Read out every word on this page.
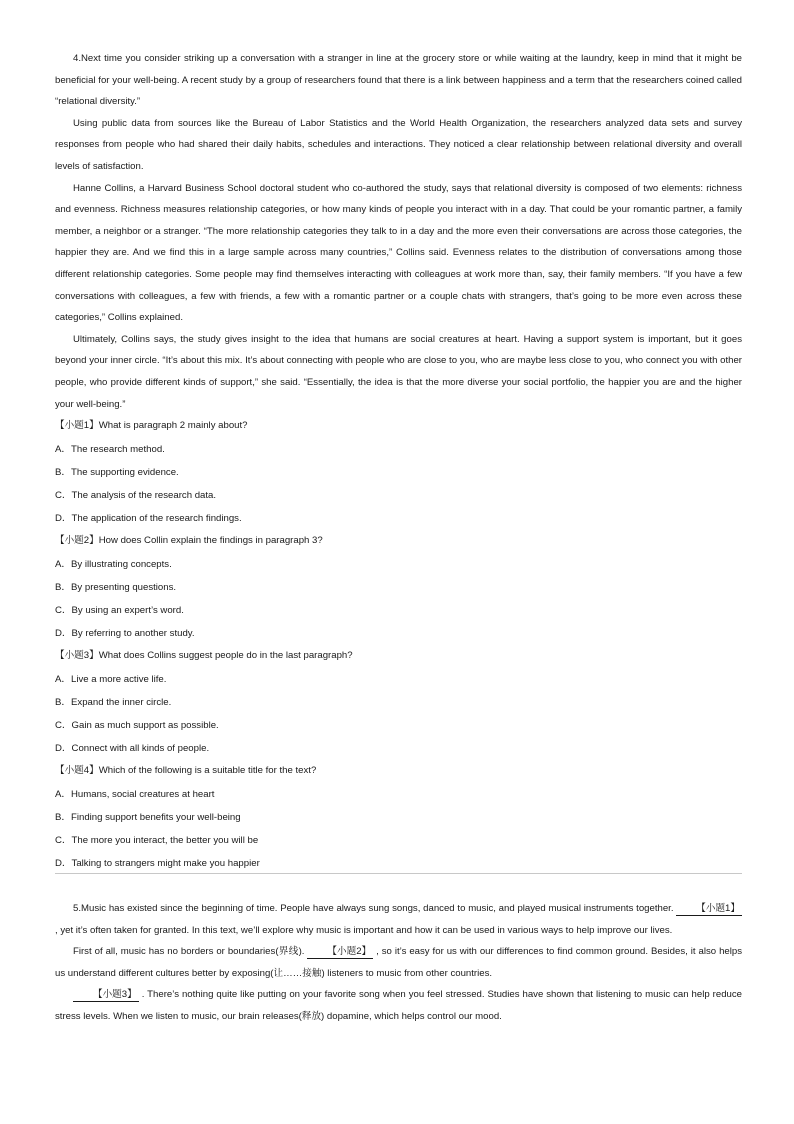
4.Next time you consider striking up a conversation with a stranger in line at the grocery store or while waiting at the laundry, keep in mind that it might be beneficial for your well-being. A recent study by a group of researchers found that there is a link between happiness and a term that the researchers coined called “relational diversity.”

Using public data from sources like the Bureau of Labor Statistics and the World Health Organization, the researchers analyzed data sets and survey responses from people who had shared their daily habits, schedules and interactions. They noticed a clear relationship between relational diversity and overall levels of satisfaction.

Hanne Collins, a Harvard Business School doctoral student who co-authored the study, says that relational diversity is composed of two elements: richness and evenness. Richness measures relationship categories, or how many kinds of people you interact with in a day. That could be your romantic partner, a family member, a neighbor or a stranger. “The more relationship categories they talk to in a day and the more even their conversations are across those categories, the happier they are. And we find this in a large sample across many countries,” Collins said. Evenness relates to the distribution of conversations among those different relationship categories. Some people may find themselves interacting with colleagues at work more than, say, their family members. “If you have a few conversations with colleagues, a few with friends, a few with a romantic partner or a couple chats with strangers, that’s going to be more even across these categories,” Collins explained.

Ultimately, Collins says, the study gives insight to the idea that humans are social creatures at heart. Having a support system is important, but it goes beyond your inner circle. “It’s about this mix. It’s about connecting with people who are close to you, who are maybe less close to you, who connect you with other people, who provide different kinds of support,” she said. “Essentially, the idea is that the more diverse your social portfolio, the happier you are and the higher your well-being.”

【小题1】What is paragraph 2 mainly about?

A．The research method.

B．The supporting evidence.

C．The analysis of the research data.

D．The application of the research findings.

【小题2】How does Collin explain the findings in paragraph 3?

A．By illustrating concepts.

B．By presenting questions.

C．By using an expert’s word.

D．By referring to another study.

【小题3】What does Collins suggest people do in the last paragraph?

A．Live a more active life.

B．Expand the inner circle.

C．Gain as much support as possible.

D．Connect with all kinds of people.

【小题4】Which of the following is a suitable title for the text?

A．Humans, social creatures at heart

B．Finding support benefits your well-being

C．The more you interact, the better you will be

D．Talking to strangers might make you happier

5.Music has existed since the beginning of time. People have always sung songs, danced to music, and played musical instruments together. 【小题1】 , yet it’s often taken for granted. In this text, we’ll explore why music is important and how it can be used in various ways to help improve our lives.

First of all, music has no borders or boundaries(界线). 【小题2】 , so it’s easy for us with our differences to find common ground. Besides, it also helps us understand different cultures better by exposing(让……接触) listeners to music from other countries.

【小题3】 . There’s nothing quite like putting on your favorite song when you feel stressed. Studies have shown that listening to music can help reduce stress levels. When we listen to music, our brain releases(释放) dopamine, which helps control our mood.
